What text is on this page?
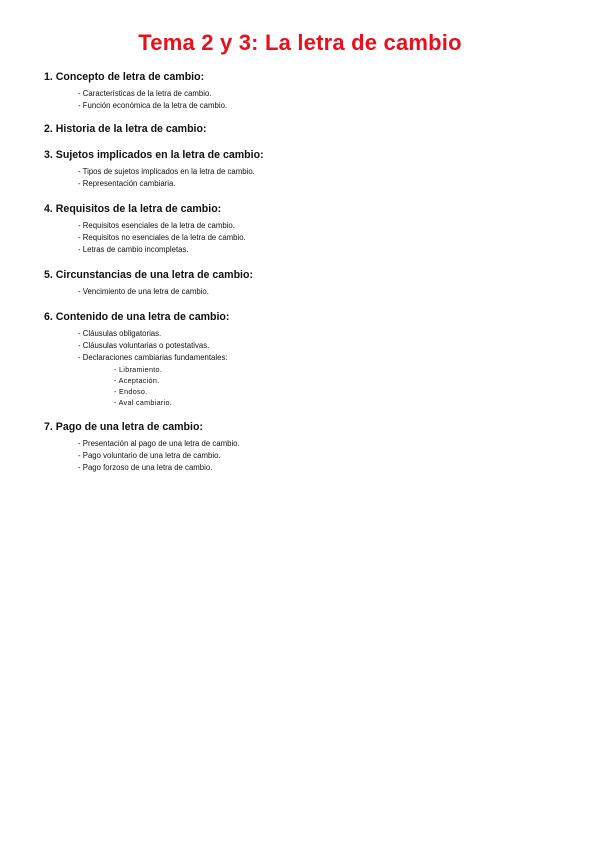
Tema 2 y 3: La letra de cambio
1. Concepto de letra de cambio:
- Características de la letra de cambio.
- Función económica de la letra de cambio.
2. Historia de la letra de cambio:
3. Sujetos implicados en la letra de cambio:
- Tipos de sujetos implicados en la letra de cambio.
- Representación cambiaria.
4. Requisitos de la letra de cambio:
- Requisitos esenciales de la letra de cambio.
- Requisitos no esenciales de la letra de cambio.
- Letras de cambio incompletas.
5. Circunstancias de una letra de cambio:
- Vencimiento de una letra de cambio.
6. Contenido de una letra de cambio:
- Cláusulas obligatorias.
- Cláusulas voluntarias o potestativas.
- Declaraciones cambiarias fundamentales:
- Libramiento.
- Aceptación.
- Endoso.
- Aval cambiario.
7. Pago de una letra de cambio:
- Presentación al pago de una letra de cambio.
- Pago voluntario de una letra de cambio.
- Pago forzoso de una letra de cambio.
